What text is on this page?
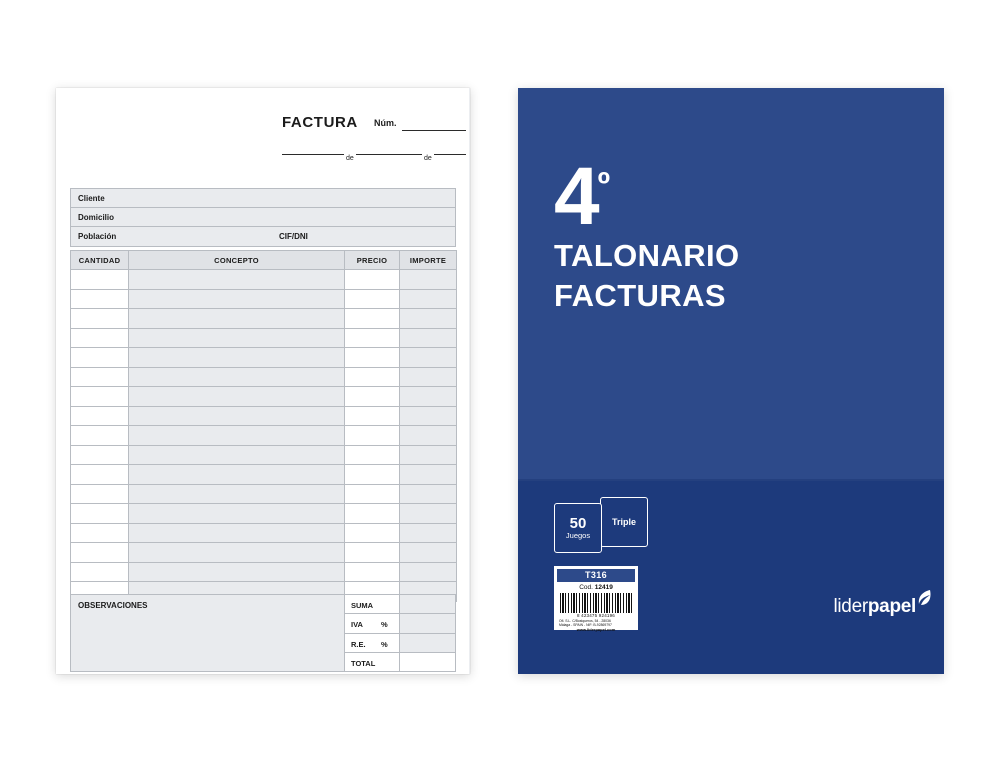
FACTURA Núm.
de	de
Cliente
Domicilio
Población	CIF/DNI
CANTIDAD	CONCEPTO	PRECIO	IMPORTE

OBSERVACIONES	SUMA
IVA %
R.E. %
TOTAL
$4^º$
TALONARIO
FACTURAS
Triple
50
Juegos
T316
Cod. 12419
8 423475 924196
Ofi. S.L. C/Bostqueros, 54 - 28036
Málaga - SPAIN - NIF: B-92869797
www.liderpapel.com
liderpapel
